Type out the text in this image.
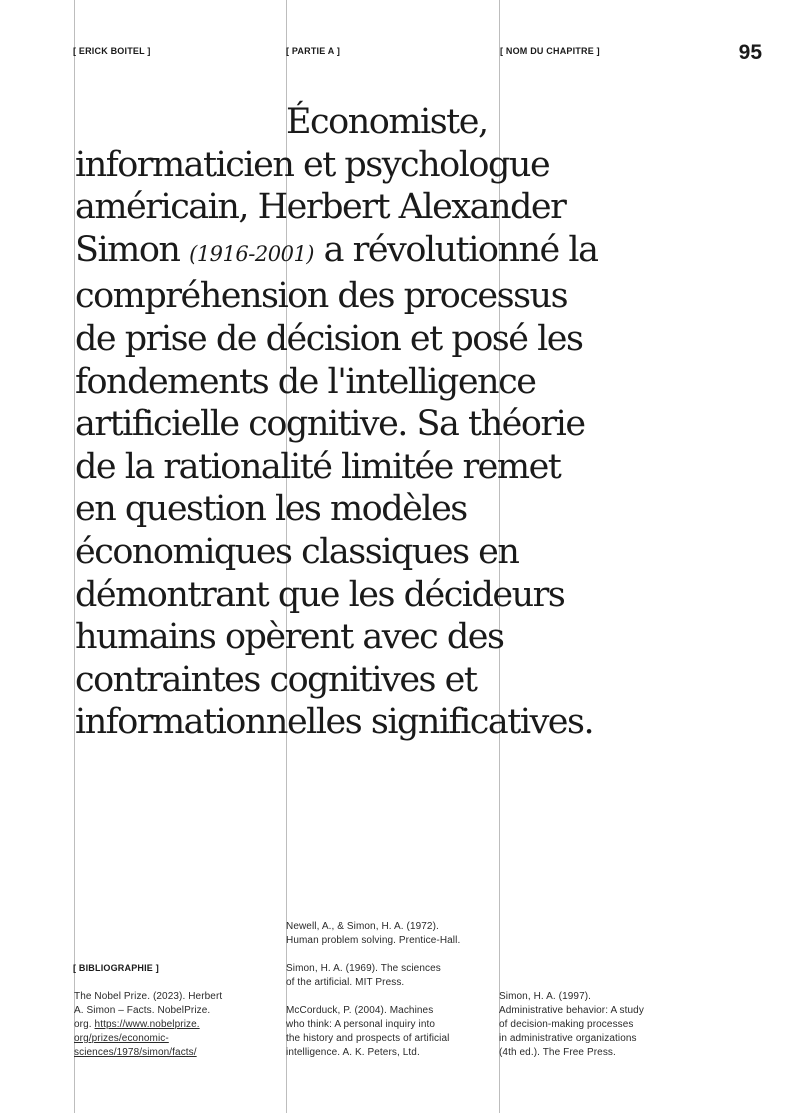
[ ERICK BOITEL ]	[ PARTIE A ]	[ NOM DU CHAPITRE ]	95
Économiste,
informaticien et psychologue
américain, Herbert Alexander
Simon (1916-2001) a révolutionné la
compréhension des processus
de prise de décision et posé les
fondements de l'intelligence
artificielle cognitive. Sa théorie
de la rationalité limitée remet
en question les modèles
économiques classiques en
démontrant que les décideurs
humains opèrent avec des
contraintes cognitives et
informationnelles significatives.
[ BIBLIOGRAPHIE ]
The Nobel Prize. (2023). Herbert
A. Simon – Facts. NobelPrize.
org. https://www.nobelprize.
org/prizes/economic-
sciences/1978/simon/facts/
Newell, A., & Simon, H. A. (1972).
Human problem solving. Prentice-Hall.
Simon, H. A. (1969). The sciences
of the artificial. MIT Press.
McCorduck, P. (2004). Machines
who think: A personal inquiry into
the history and prospects of artificial
intelligence. A. K. Peters, Ltd.
Simon, H. A. (1997).
Administrative behavior: A study
of decision-making processes
in administrative organizations
(4th ed.). The Free Press.
